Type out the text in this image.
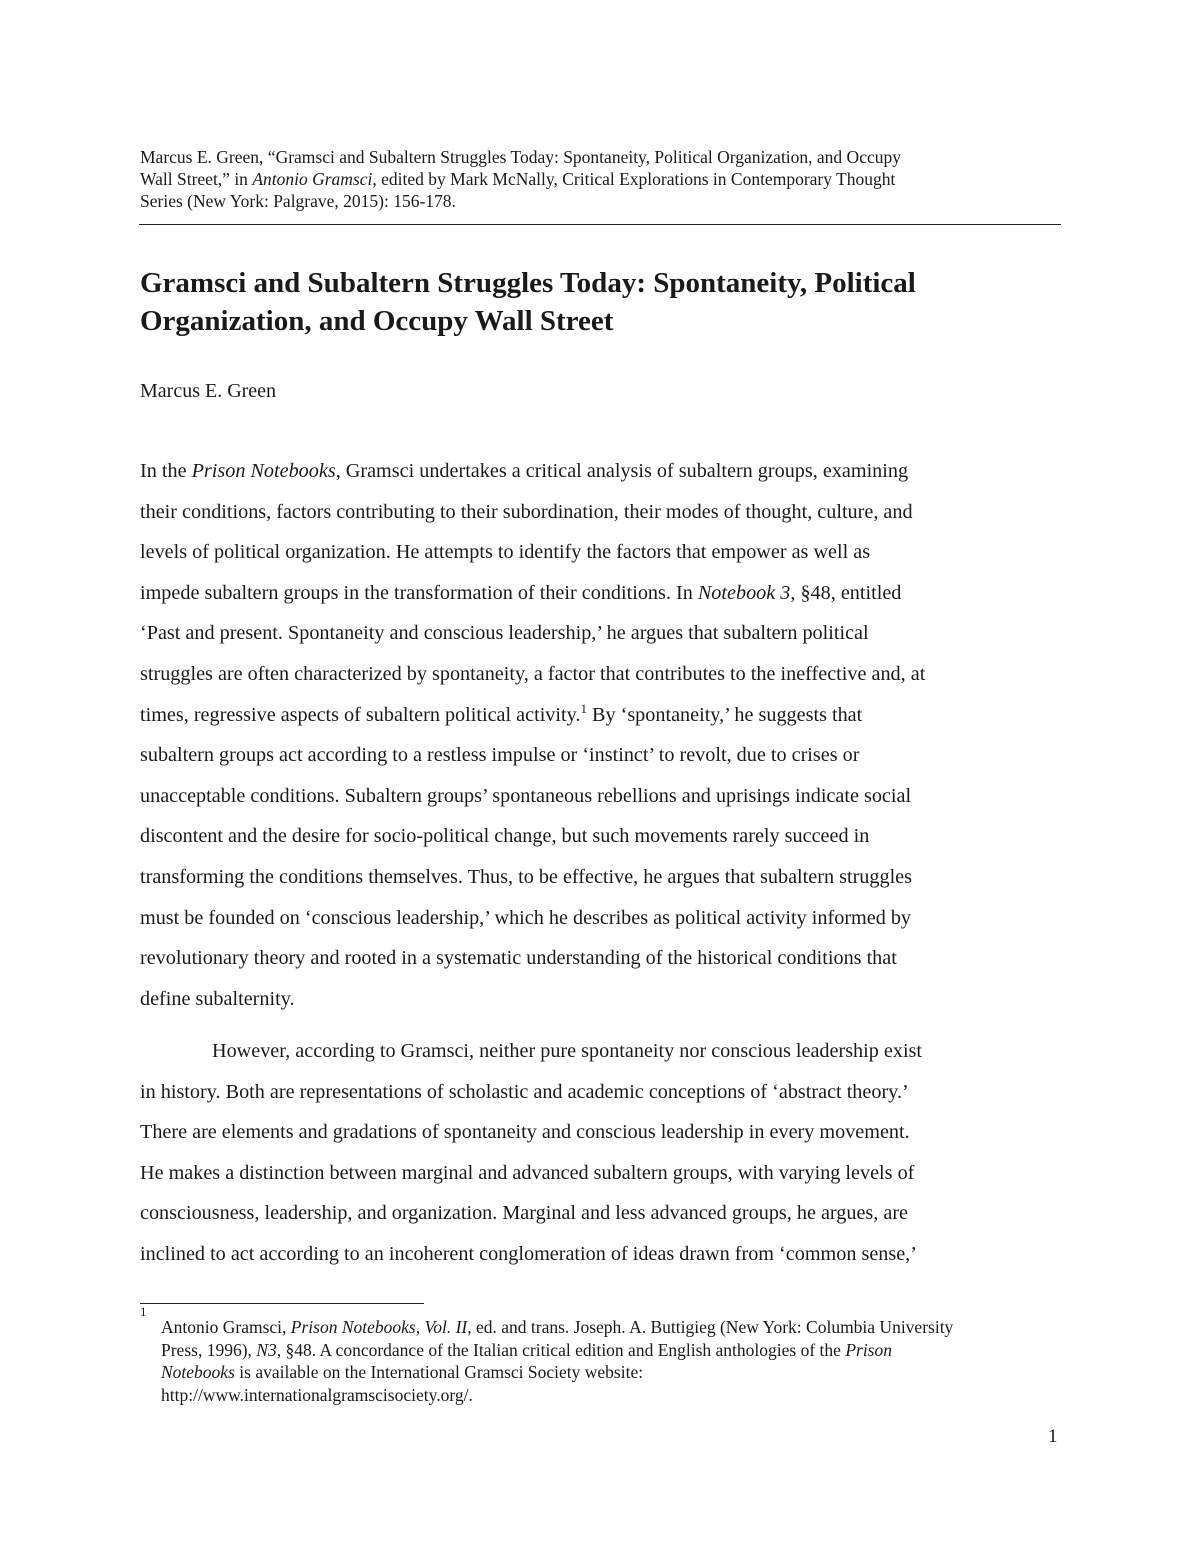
Marcus E. Green, “Gramsci and Subaltern Struggles Today: Spontaneity, Political Organization, and Occupy
Wall Street,” in Antonio Gramsci, edited by Mark McNally, Critical Explorations in Contemporary Thought
Series (New York: Palgrave, 2015): 156-178.
Gramsci and Subaltern Struggles Today: Spontaneity, Political
Organization, and Occupy Wall Street
Marcus E. Green
In the Prison Notebooks, Gramsci undertakes a critical analysis of subaltern groups, examining
their conditions, factors contributing to their subordination, their modes of thought, culture, and
levels of political organization. He attempts to identify the factors that empower as well as
impede subaltern groups in the transformation of their conditions. In Notebook 3, §48, entitled
‘Past and present. Spontaneity and conscious leadership,’ he argues that subaltern political
struggles are often characterized by spontaneity, a factor that contributes to the ineffective and, at
times, regressive aspects of subaltern political activity.$^1$ By ‘spontaneity,’ he suggests that
subaltern groups act according to a restless impulse or ‘instinct’ to revolt, due to crises or
unacceptable conditions. Subaltern groups’ spontaneous rebellions and uprisings indicate social
discontent and the desire for socio-political change, but such movements rarely succeed in
transforming the conditions themselves. Thus, to be effective, he argues that subaltern struggles
must be founded on ‘conscious leadership,’ which he describes as political activity informed by
revolutionary theory and rooted in a systematic understanding of the historical conditions that
define subalternity.
However, according to Gramsci, neither pure spontaneity nor conscious leadership exist
in history. Both are representations of scholastic and academic conceptions of ‘abstract theory.’
There are elements and gradations of spontaneity and conscious leadership in every movement.
He makes a distinction between marginal and advanced subaltern groups, with varying levels of
consciousness, leadership, and organization. Marginal and less advanced groups, he argues, are
inclined to act according to an incoherent conglomeration of ideas drawn from ‘common sense,’
1
Antonio Gramsci, Prison Notebooks, Vol. II, ed. and trans. Joseph. A. Buttigieg (New York: Columbia University
Press, 1996), N3, §48. A concordance of the Italian critical edition and English anthologies of the Prison
Notebooks is available on the International Gramsci Society website:
http://www.internationalgramscisociety.org/.
1
